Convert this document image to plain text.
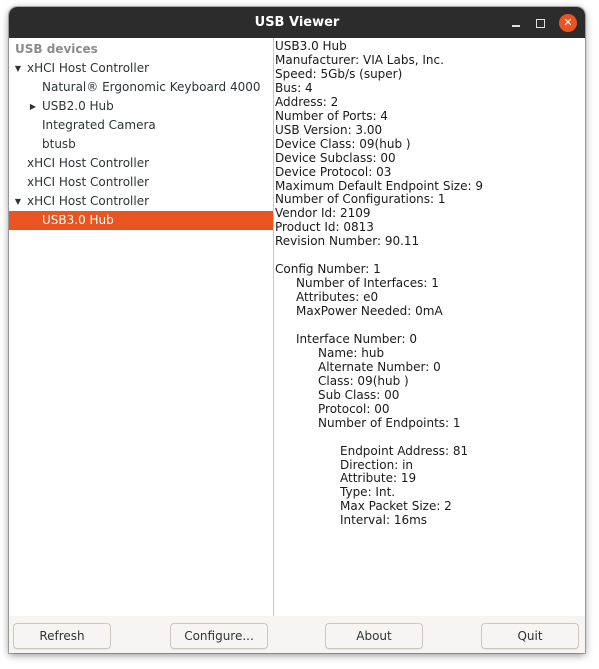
USB Viewer	✕
USB devices
▼ xHCI Host Controller
Natural® Ergonomic Keyboard 4000
▶ USB2.0 Hub
Integrated Camera
btusb
xHCI Host Controller
xHCI Host Controller
▼ xHCI Host Controller
USB3.0 Hub
USB3.0 Hub
Manufacturer: VIA Labs, Inc.
Speed: 5Gb/s (super)
Bus: 4
Address: 2
Number of Ports: 4
USB Version: 3.00
Device Class: 09(hub )
Device Subclass: 00
Device Protocol: 03
Maximum Default Endpoint Size: 9
Number of Configurations: 1
Vendor Id: 2109
Product Id: 0813
Revision Number: 90.11
Config Number: 1
Number of Interfaces: 1
Attributes: e0
MaxPower Needed: 0mA
Interface Number: 0
Name: hub
Alternate Number: 0
Class: 09(hub )
Sub Class: 00
Protocol: 00
Number of Endpoints: 1
Endpoint Address: 81
Direction: in
Attribute: 19
Type: Int.
Max Packet Size: 2
Interval: 16ms
Refresh	Configure...	About	Quit
